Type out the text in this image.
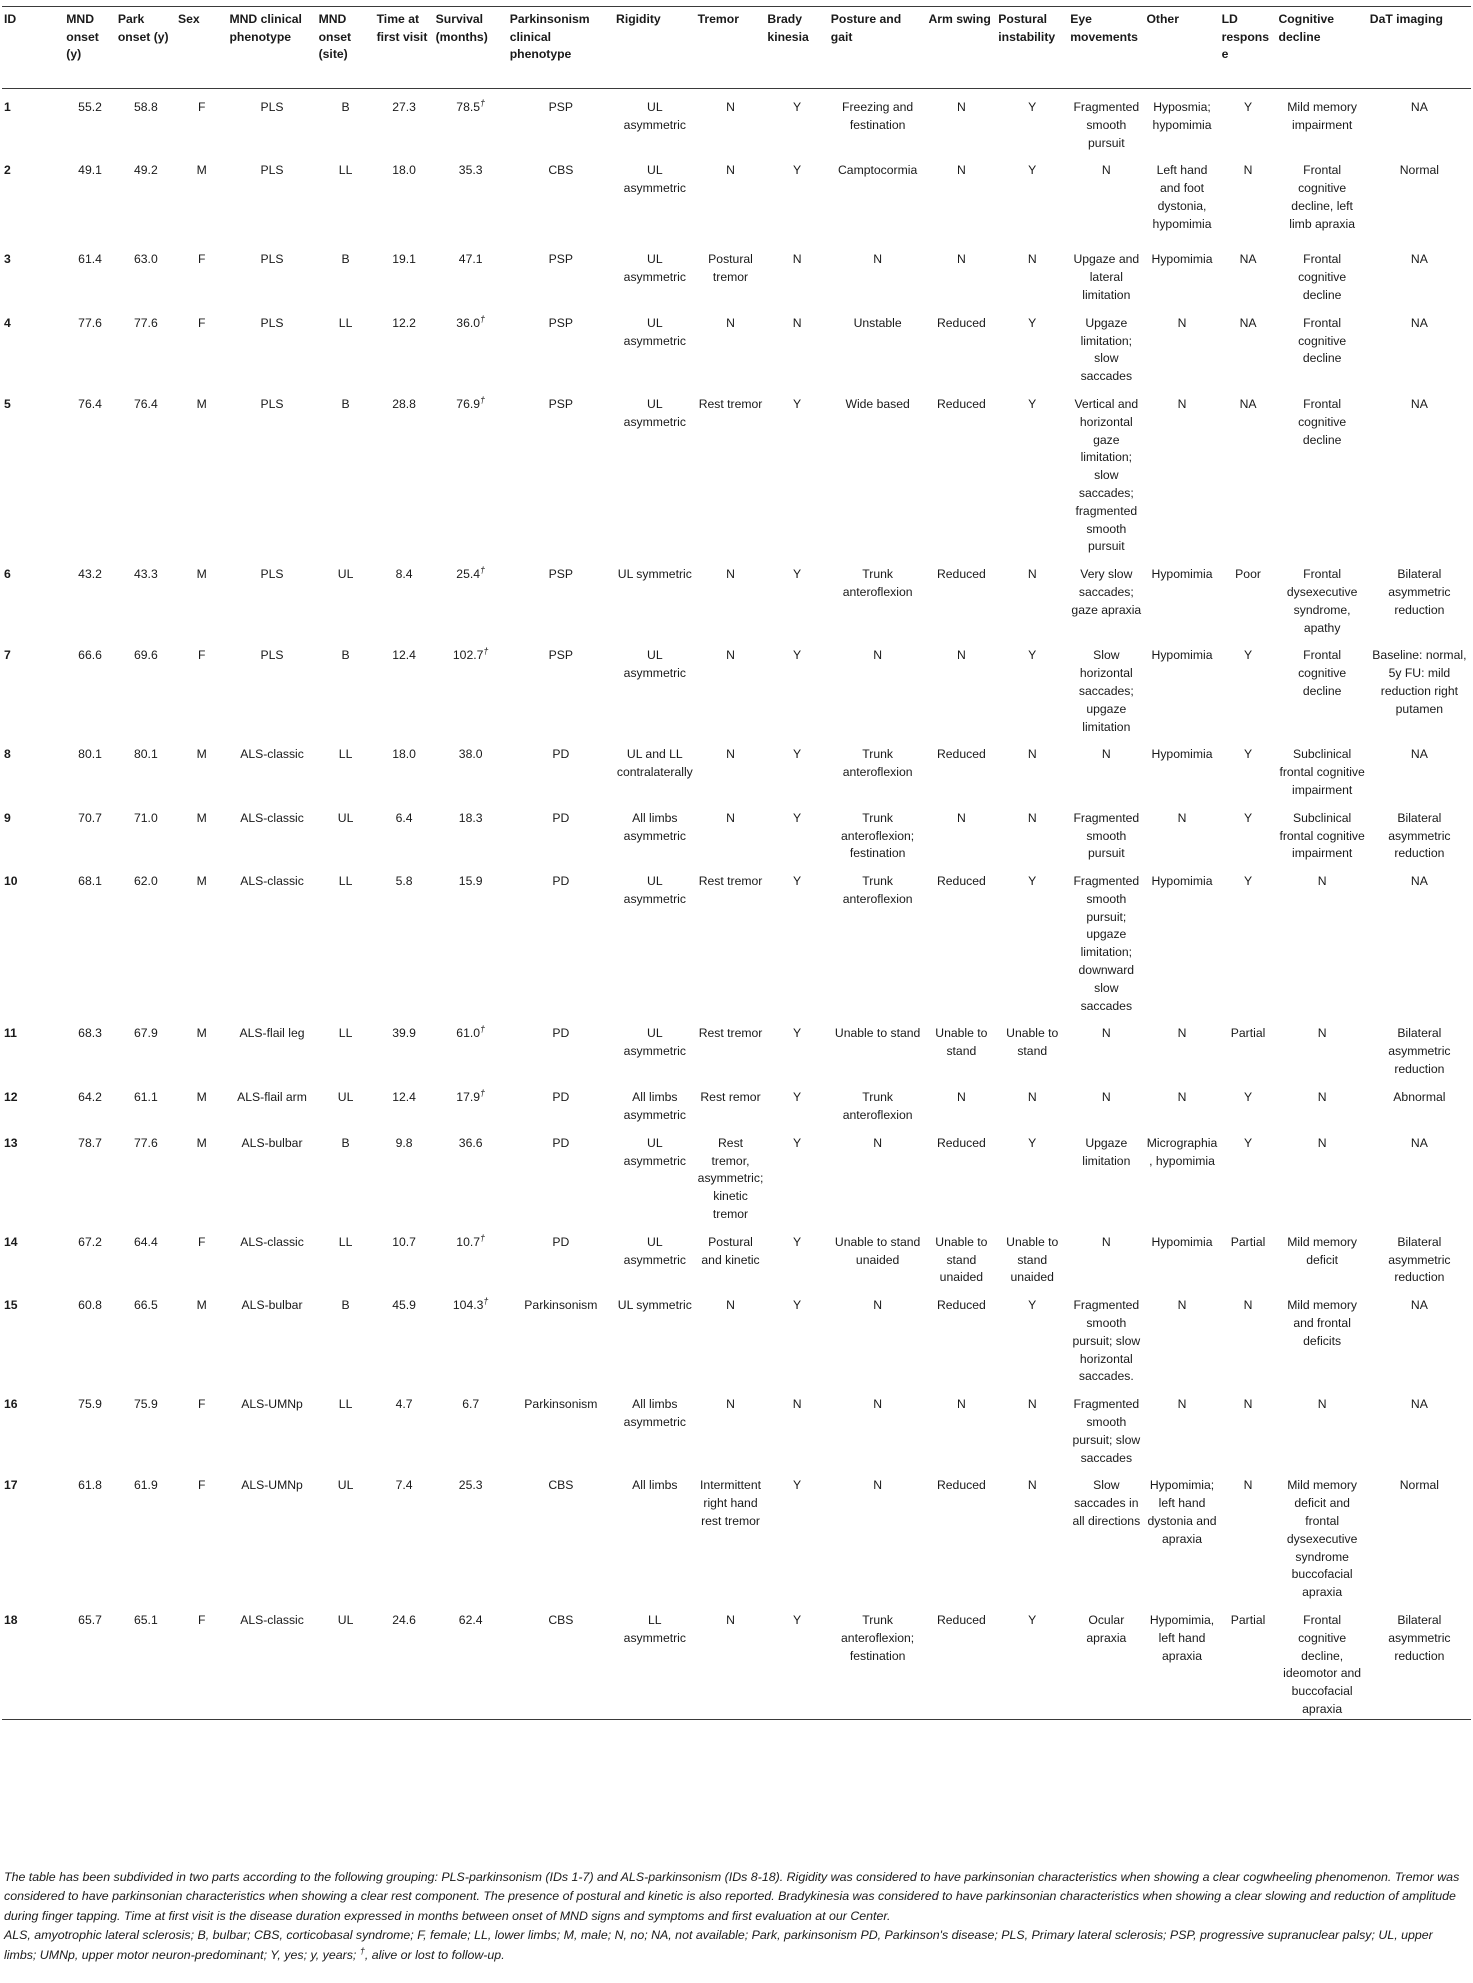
ID	MND onset (y)	Park onset (y)	Sex	MND clinical phenotype	MND onset (site)	Time at first visit	Survival (months)	Parkinsonism clinical phenotype	Rigidity	Tremor	Brady kinesia	Posture and gait	Arm swing	Postural instability	Eye movements	Other	LD response	Cognitive decline	DaT imaging
1	55.2	58.8	F	PLS	B	27.3	78.5†	PSP	UL asymmetric	N	Y	Freezing and festination	N	Y	Fragmented smooth pursuit	Hyposmia; hypomimia	Y	Mild memory impairment	NA
2	49.1	49.2	M	PLS	LL	18.0	35.3	CBS	UL asymmetric	N	Y	Camptocormia	N	Y	N	Left hand and foot dystonia, hypomimia	N	Frontal cognitive decline, left limb apraxia	Normal
3	61.4	63.0	F	PLS	B	19.1	47.1	PSP	UL asymmetric	Postural tremor	N	N	N	N	Upgaze and lateral limitation	Hypomimia	NA	Frontal cognitive decline	NA
4	77.6	77.6	F	PLS	LL	12.2	36.0†	PSP	UL asymmetric	N	N	Unstable	Reduced	Y	Upgaze limitation; slow saccades	N	NA	Frontal cognitive decline	NA
5	76.4	76.4	M	PLS	B	28.8	76.9†	PSP	UL asymmetric	Rest tremor	Y	Wide based	Reduced	Y	Vertical and horizontal gaze limitation; slow saccades; fragmented smooth pursuit	N	NA	Frontal cognitive decline	NA
6	43.2	43.3	M	PLS	UL	8.4	25.4†	PSP	UL symmetric	N	Y	Trunk anteroflexion	Reduced	N	Very slow saccades; gaze apraxia	Hypomimia	Poor	Frontal dysexecutive syndrome, apathy	Bilateral asymmetric reduction
7	66.6	69.6	F	PLS	B	12.4	102.7†	PSP	UL asymmetric	N	Y	N	N	Y	Slow horizontal saccades; upgaze limitation	Hypomimia	Y	Frontal cognitive decline	Baseline: normal, 5y FU: mild reduction right putamen
8	80.1	80.1	M	ALS-classic	LL	18.0	38.0	PD	UL and LL contralaterally	N	Y	Trunk anteroflexion	Reduced	N	N	Hypomimia	Y	Subclinical frontal cognitive impairment	NA
9	70.7	71.0	M	ALS-classic	UL	6.4	18.3	PD	All limbs asymmetric	N	Y	Trunk anteroflexion; festination	N	N	Fragmented smooth pursuit	N	Y	Subclinical frontal cognitive impairment	Bilateral asymmetric reduction
10	68.1	62.0	M	ALS-classic	LL	5.8	15.9	PD	UL asymmetric	Rest tremor	Y	Trunk anteroflexion	Reduced	Y	Fragmented smooth pursuit; upgaze limitation; downward slow saccades	Hypomimia	Y	N	NA
11	68.3	67.9	M	ALS-flail leg	LL	39.9	61.0†	PD	UL asymmetric	Rest tremor	Y	Unable to stand	Unable to stand	Unable to stand	N	N	Partial	N	Bilateral asymmetric reduction
12	64.2	61.1	M	ALS-flail arm	UL	12.4	17.9†	PD	All limbs asymmetric	Rest remor	Y	Trunk anteroflexion	N	N	N	N	Y	N	Abnormal
13	78.7	77.6	M	ALS-bulbar	B	9.8	36.6	PD	UL asymmetric	Rest tremor, asymmetric; kinetic tremor	Y	N	Reduced	Y	Upgaze limitation	Micrographia, hypomimia	Y	N	NA
14	67.2	64.4	F	ALS-classic	LL	10.7	10.7†	PD	UL asymmetric	Postural and kinetic	Y	Unable to stand unaided	Unable to stand unaided	Unable to stand unaided	N	Hypomimia	Partial	Mild memory deficit	Bilateral asymmetric reduction
15	60.8	66.5	M	ALS-bulbar	B	45.9	104.3†	Parkinsonism	UL symmetric	N	Y	N	Reduced	Y	Fragmented smooth pursuit; slow horizontal saccades.	N	N	Mild memory and frontal deficits	NA
16	75.9	75.9	F	ALS-UMNp	LL	4.7	6.7	Parkinsonism	All limbs asymmetric	N	N	N	N	N	Fragmented smooth pursuit; slow saccades	N	N	N	NA
17	61.8	61.9	F	ALS-UMNp	UL	7.4	25.3	CBS	All limbs	Intermittent right hand rest tremor	Y	N	Reduced	N	Slow saccades in all directions	Hypomimia; left hand dystonia and apraxia	N	Mild memory deficit and frontal dysexecutive syndrome buccofacial apraxia	Normal
18	65.7	65.1	F	ALS-classic	UL	24.6	62.4	CBS	LL asymmetric	N	Y	Trunk anteroflexion; festination	Reduced	Y	Ocular apraxia	Hypomimia, left hand apraxia	Partial	Frontal cognitive decline, ideomotor and buccofacial apraxia	Bilateral asymmetric reduction

The table has been subdivided in two parts according to the following grouping: PLS-parkinsonism (IDs 1-7) and ALS-parkinsonism (IDs 8-18). Rigidity was considered to have parkinsonian characteristics when showing a clear cogwheeling phenomenon. Tremor was considered to have parkinsonian characteristics when showing a clear rest component. The presence of postural and kinetic is also reported. Bradykinesia was considered to have parkinsonian characteristics when showing a clear slowing and reduction of amplitude during finger tapping. Time at first visit is the disease duration expressed in months between onset of MND signs and symptoms and first evaluation at our Center.

ALS, amyotrophic lateral sclerosis; B, bulbar; CBS, corticobasal syndrome; F, female; LL, lower limbs; M, male; N, no; NA, not available; Park, parkinsonism PD, Parkinson's disease; PLS, Primary lateral sclerosis; PSP, progressive supranuclear palsy; UL, upper limbs; UMNp, upper motor neuron-predominant; Y, yes; y, years; †, alive or lost to follow-up.
